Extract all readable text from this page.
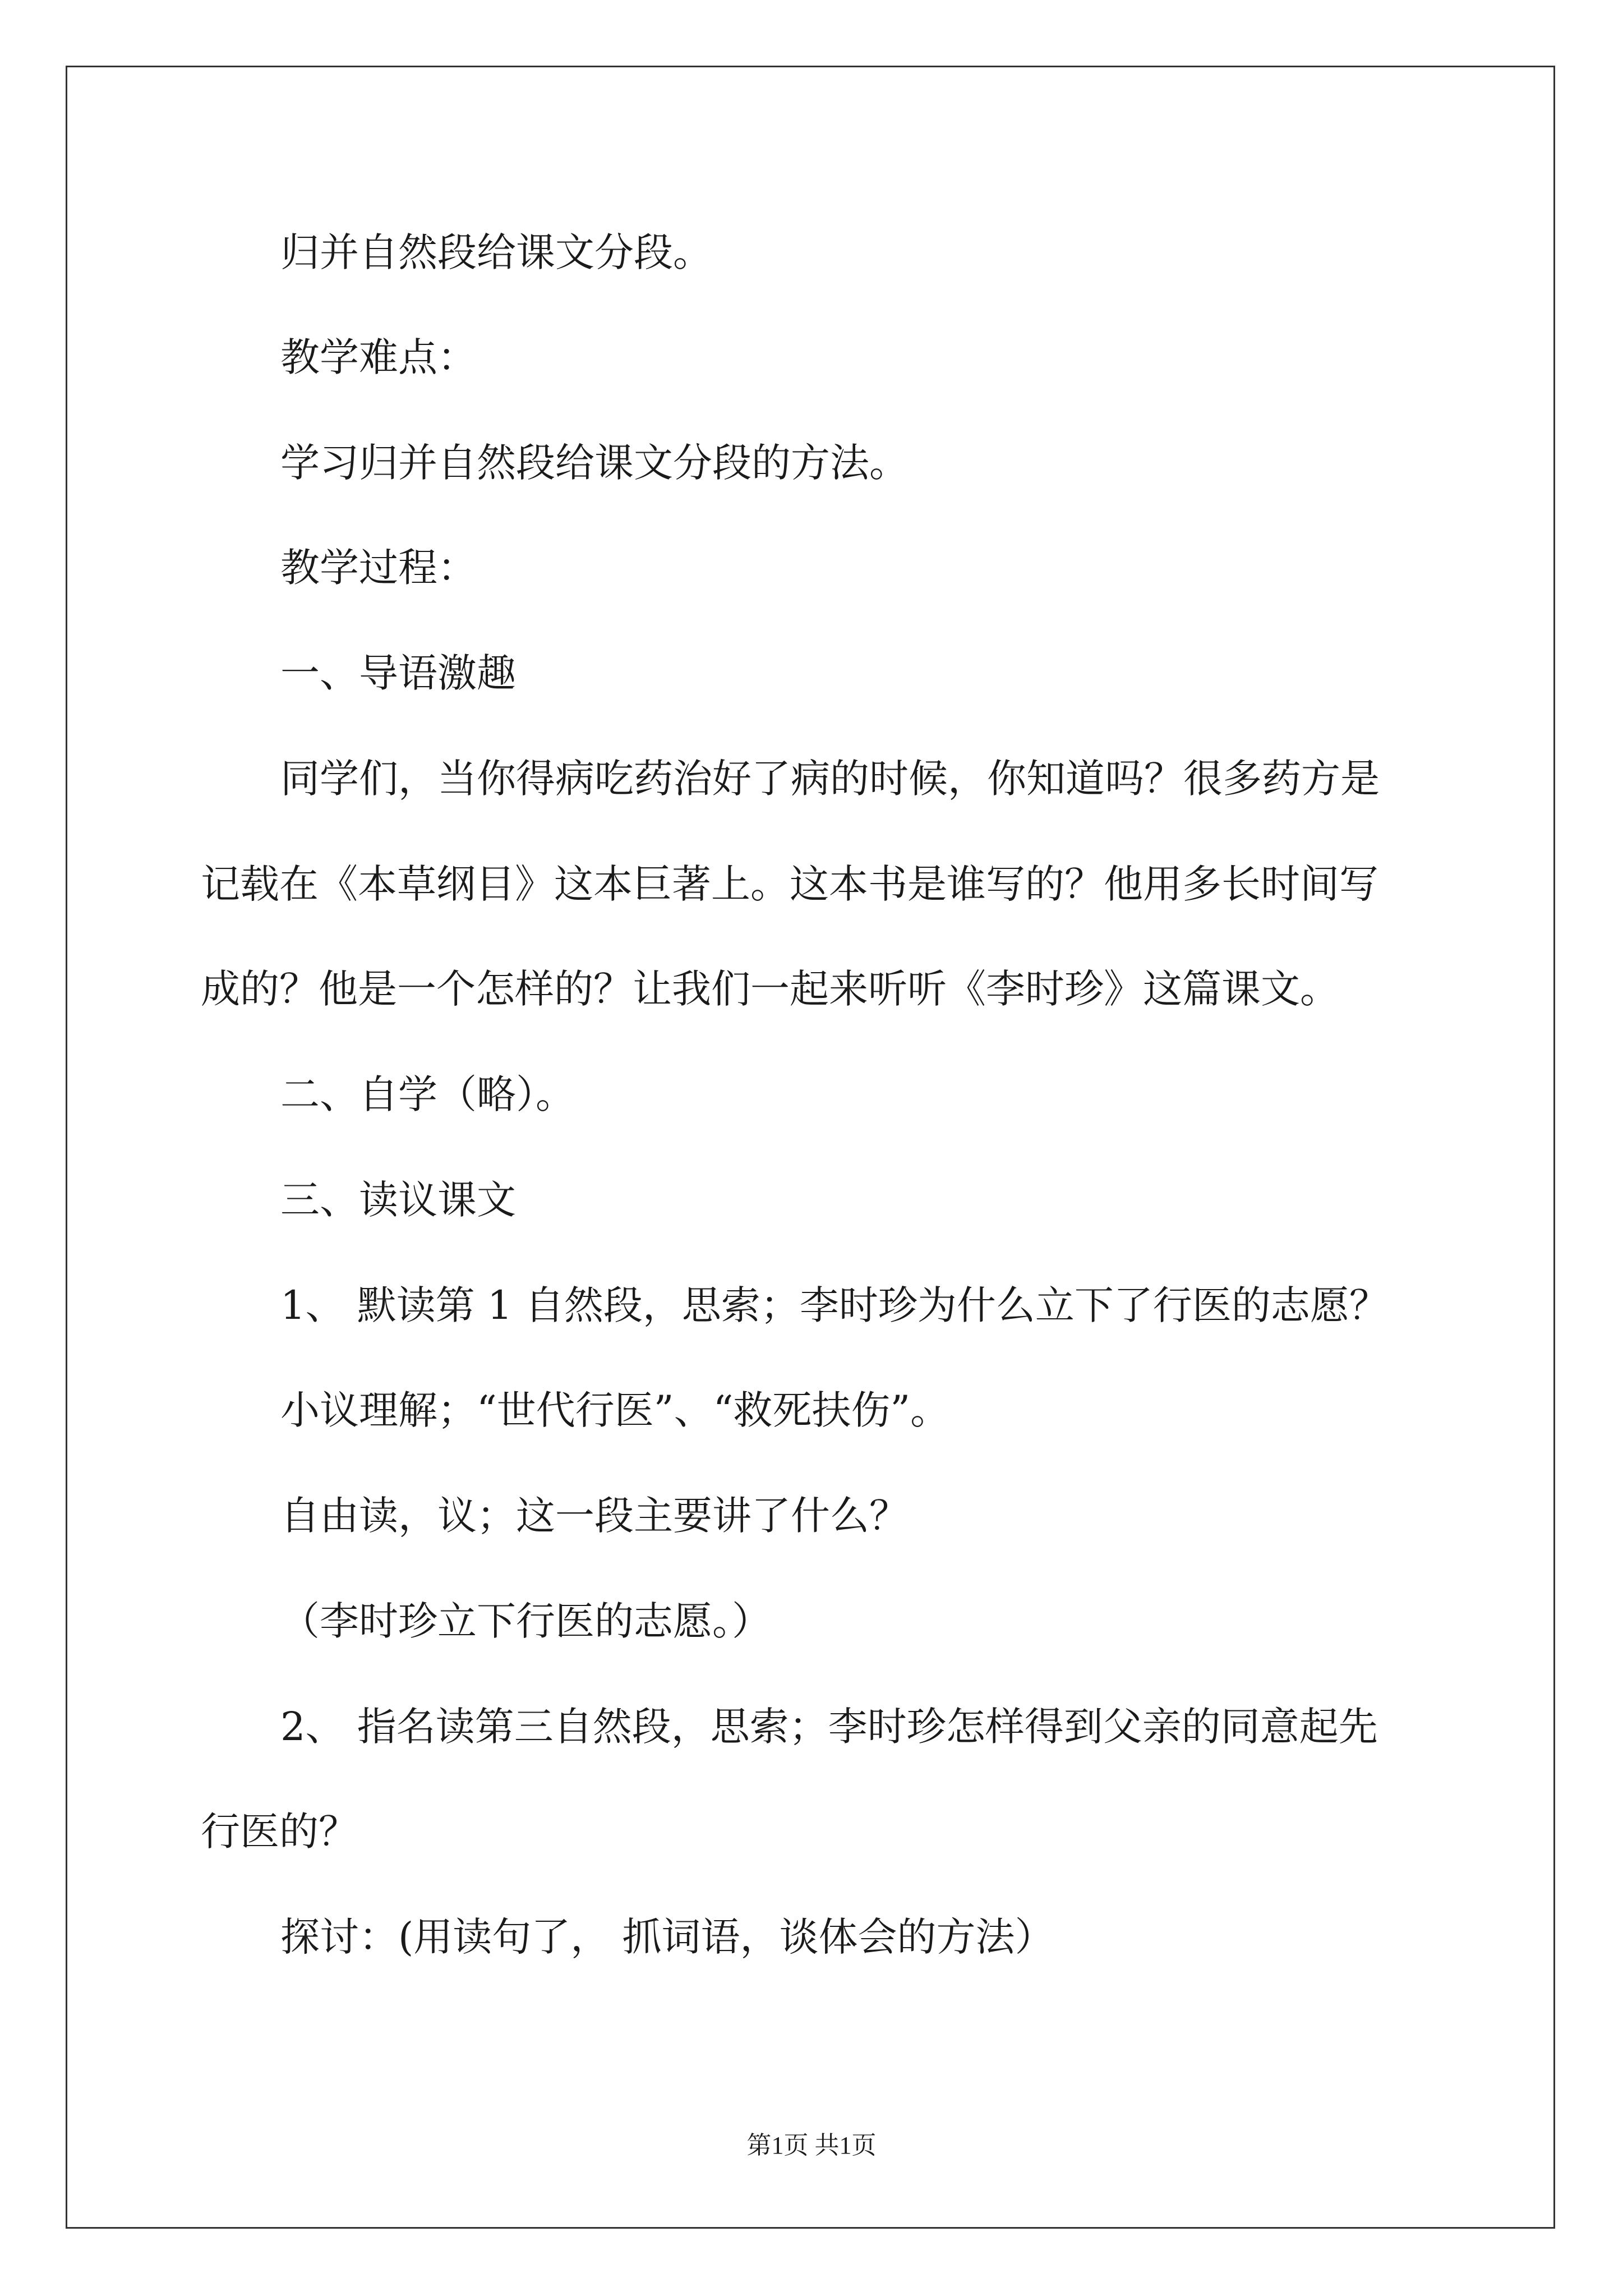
归并自然段给课文分段。

教学难点：

学习归并自然段给课文分段的方法。

教学过程：

一、导语激趣

同学们，当你得病吃药治好了病的时候，你知道吗？很多药方是

记载在《本草纲目》这本巨著上。这本书是谁写的？他用多长时间写

成的？他是一个怎样的？让我们一起来听听《李时珍》这篇课文。

二、自学（略）。

三、读议课文

1、 默读第 1 自然段，思索；李时珍为什么立下了行医的志愿？

小议理解；“世代行医”、“救死扶伤”。

自由读，议；这一段主要讲了什么？

（李时珍立下行医的志愿。）

2、 指名读第三自然段，思索；李时珍怎样得到父亲的同意起先

行医的？

探讨：(用读句了， 抓词语，谈体会的方法）

第1页 共1页
